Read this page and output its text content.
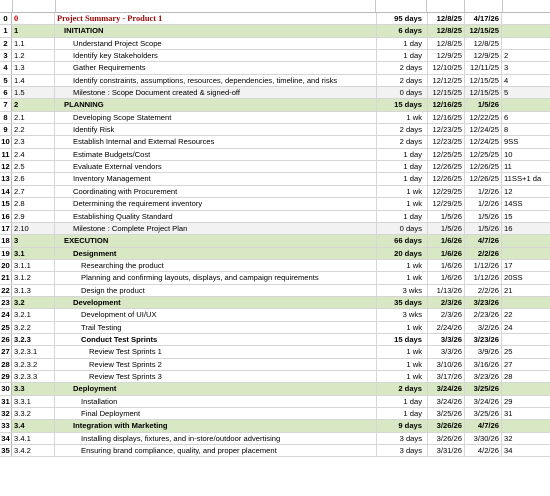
0 0	Project Summary - Product 1	95 days	12/8/25	4/17/26
1 1	INITIATION	6 days	12/8/25 12/15/25
2 1.1	Understand Project Scope	1 day	12/8/25	12/8/25
3 1.2	Identify key Stakeholders	1 day	12/9/25	12/9/25 2
4 1.3	Gather Requirements	2 days	12/10/25	12/11/25 3
5 1.4	Identify constraints, assumptions, resources, dependencies, timeline, and risks	2 days	12/12/25 12/15/25 4
6 1.5	Milestone : Scope Document created & signed-off	0 days	12/15/25 12/15/25 5
7 2	PLANNING	15 days	12/16/25	1/5/26
8 2.1	Developing Scope Statement	1 wk	12/16/25 12/22/25 6
9 2.2	Identify Risk	2 days	12/23/25 12/24/25 8
10 2.3	Establish Internal and External Resources	2 days	12/23/25 12/24/25 9SS
11 2.4	Estimate Budgets/Cost	1 day	12/25/25 12/25/25 10
12 2.5	Evaluate External vendors	1 day	12/26/25 12/26/25 11
13 2.6	Inventory Management	1 day	12/26/25 12/26/25 11SS+1 da
14 2.7	Coordinating with Procurement	1 wk	12/29/25	1/2/26 12
15 2.8	Determining the requirement inventory	1 wk	12/29/25	1/2/26 14SS
16 2.9	Establishing Quality Standard	1 day	1/5/26	1/5/26 15
17 2.10	Milestone : Complete Project Plan	0 days	1/5/26	1/5/26 16
18 3	EXECUTION	66 days	1/6/26	4/7/26
19 3.1	Designment	20 days	1/6/26	2/2/26
20 3.1.1	Researching the product	1 wk	1/6/26	1/12/26 17
21 3.1.2	Planning and confirming layouts, displays, and campaign requirements	1 wk	1/6/26	1/12/26 20SS
22 3.1.3	Design the product	3 wks	1/13/26	2/2/26 21
23 3.2	Development	35 days	2/3/26	3/23/26
24 3.2.1	Development of UI/UX	3 wks	2/3/26	2/23/26 22
25 3.2.2	Trail Testing	1 wk	2/24/26	3/2/26 24
26 3.2.3	Conduct Test Sprints	15 days	3/3/26	3/23/26
27 3.2.3.1	Review Test Sprints 1	1 wk	3/3/26	3/9/26 25
28 3.2.3.2	Review Test Sprints 2	1 wk	3/10/26	3/16/26 27
29 3.2.3.3	Review Test Sprints 3	1 wk	3/17/26	3/23/26 28
30 3.3	Deployment	2 days	3/24/26	3/25/26
31 3.3.1	Installation	1 day	3/24/26	3/24/26 29
32 3.3.2	Final Deployment	1 day	3/25/26	3/25/26 31
33 3.4	Integration with Marketing	9 days	3/26/26	4/7/26
34 3.4.1	Installing displays, fixtures, and in-store/outdoor advertising	3 days	3/26/26	3/30/26 32
35 3.4.2	Ensuring brand compliance, quality, and proper placement	3 days	3/31/26	4/2/26 34
